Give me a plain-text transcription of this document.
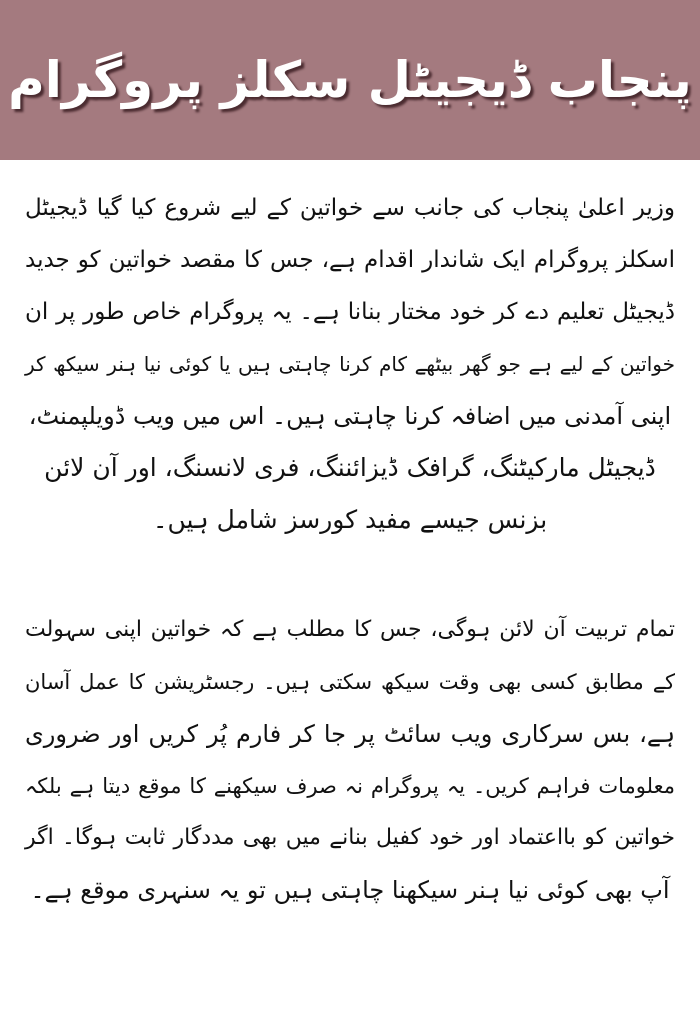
پنجاب ڈیجیٹل سکلز پروگرام
وزیر اعلیٰ پنجاب کی جانب سے خواتین کے لیے شروع کیا گیا ڈیجیٹل
اسکلز پروگرام ایک شاندار اقدام ہے، جس کا مقصد خواتین کو جدید
ڈیجیٹل تعلیم دے کر خود مختار بنانا ہے۔ یہ پروگرام خاص طور پر ان
خواتین کے لیے ہے جو گھر بیٹھے کام کرنا چاہتی ہیں یا کوئی نیا ہنر سیکھ کر
اپنی آمدنی میں اضافہ کرنا چاہتی ہیں۔ اس میں ویب ڈویلپمنٹ،
ڈیجیٹل مارکیٹنگ، گرافک ڈیزائننگ، فری لانسنگ، اور آن لائن
بزنس جیسے مفید کورسز شامل ہیں۔
تمام تربیت آن لائن ہوگی، جس کا مطلب ہے کہ خواتین اپنی سہولت
کے مطابق کسی بھی وقت سیکھ سکتی ہیں۔ رجسٹریشن کا عمل آسان
ہے، بس سرکاری ویب سائٹ پر جا کر فارم پُر کریں اور ضروری
معلومات فراہم کریں۔ یہ پروگرام نہ صرف سیکھنے کا موقع دیتا ہے بلکہ
خواتین کو بااعتماد اور خود کفیل بنانے میں بھی مددگار ثابت ہوگا۔ اگر
آپ بھی کوئی نیا ہنر سیکھنا چاہتی ہیں تو یہ سنہری موقع ہے۔
